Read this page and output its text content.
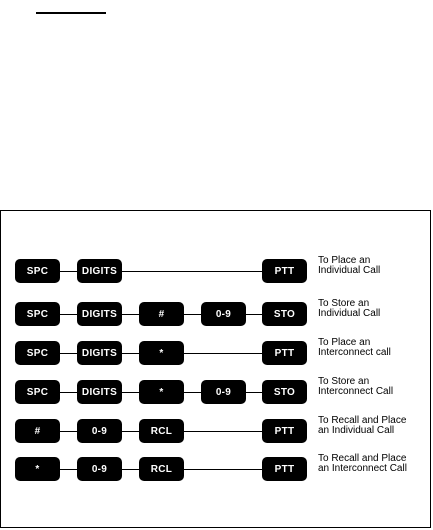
SPC	DIGITS	PTT
To Place an
Individual Call
SPC	DIGITS	#	0-9	STO
To Store an
Individual Call
SPC	DIGITS	*	PTT
To Place an
Interconnect call
SPC	DIGITS	*	0-9	STO
To Store an
Interconnect Call
#	0-9	RCL	PTT
To Recall and Place
an Individual Call
*	0-9	RCL	PTT
To Recall and Place
an Interconnect Call
